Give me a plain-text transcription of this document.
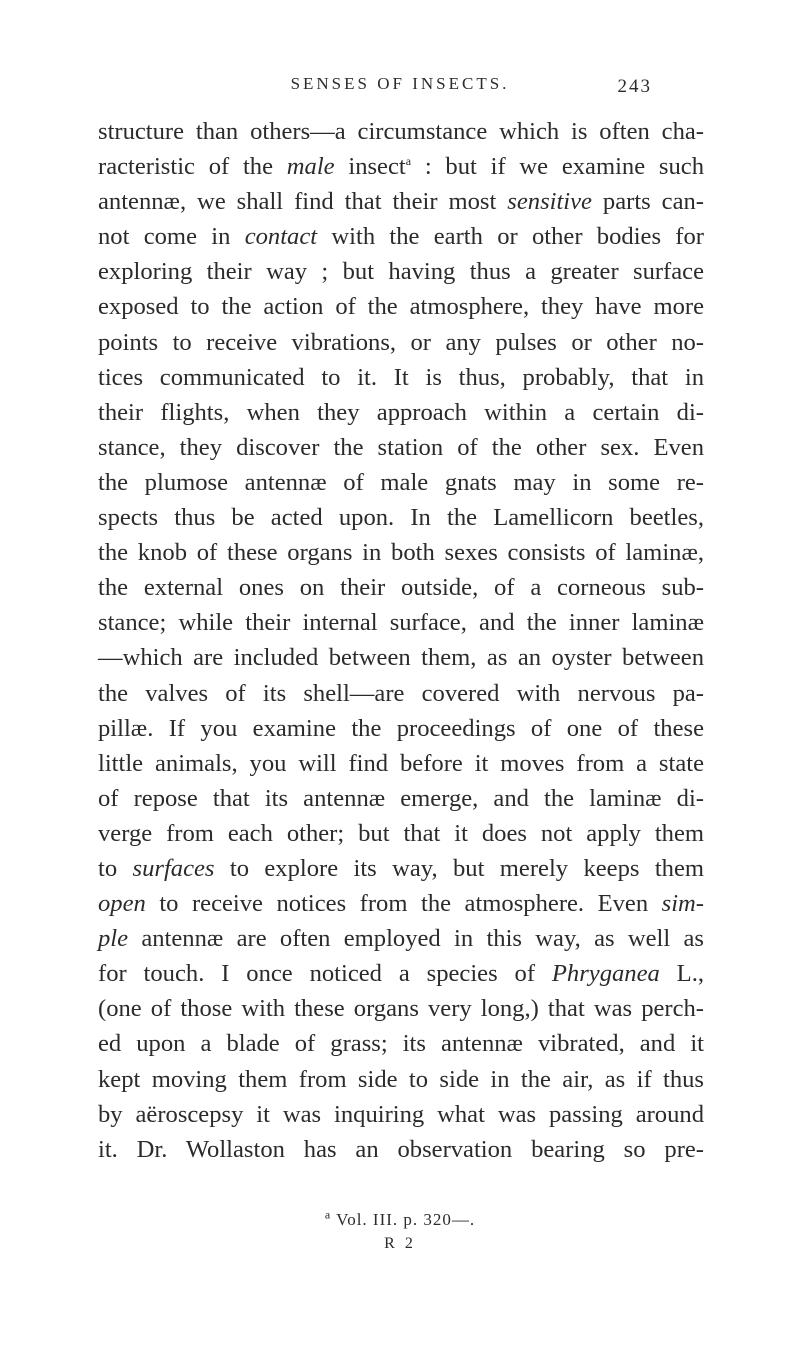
SENSES OF INSECTS.	243
structure than others—a circumstance which is often cha-
racteristic of the male insect$^a$ : but if we examine such
antennæ, we shall find that their most sensitive parts can-
not come in contact with the earth or other bodies for
exploring their way ; but having thus a greater surface
exposed to the action of the atmosphere, they have more
points to receive vibrations, or any pulses or other no-
tices communicated to it. It is thus, probably, that in
their flights, when they approach within a certain di-
stance, they discover the station of the other sex. Even
the plumose antennæ of male gnats may in some re-
spects thus be acted upon. In the Lamellicorn beetles,
the knob of these organs in both sexes consists of laminæ,
the external ones on their outside, of a corneous sub-
stance; while their internal surface, and the inner laminæ
—which are included between them, as an oyster between
the valves of its shell—are covered with nervous pa-
pillæ. If you examine the proceedings of one of these
little animals, you will find before it moves from a state
of repose that its antennæ emerge, and the laminæ di-
verge from each other; but that it does not apply them
to surfaces to explore its way, but merely keeps them
open to receive notices from the atmosphere. Even sim-
ple antennæ are often employed in this way, as well as
for touch. I once noticed a species of Phryganea L.,
(one of those with these organs very long,) that was perch-
ed upon a blade of grass; its antennæ vibrated, and it
kept moving them from side to side in the air, as if thus
by aëroscepsy it was inquiring what was passing around
it. Dr. Wollaston has an observation bearing so pre-
$^a$ Vol. III. p. 320—.
R 2
